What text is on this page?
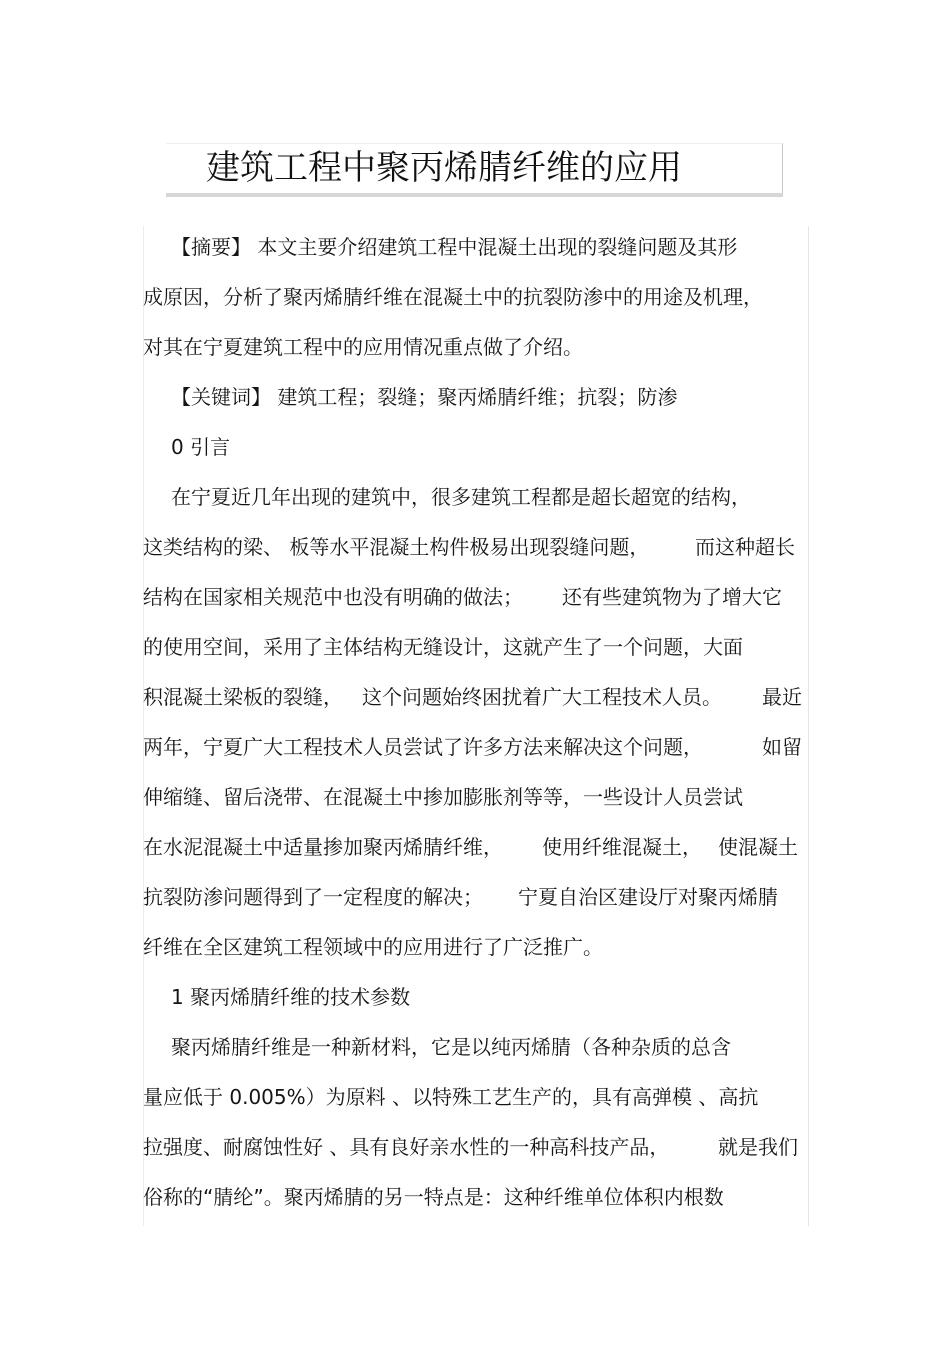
建筑工程中聚丙烯腈纤维的应用
【摘要】 本文主要介绍建筑工程中混凝土出现的裂缝问题及其形
成原因，分析了聚丙烯腈纤维在混凝土中的抗裂防渗中的用途及机理，
对其在宁夏建筑工程中的应用情况重点做了介绍。
【关键词】 建筑工程；裂缝；聚丙烯腈纤维；抗裂；防渗
0 引言
在宁夏近几年出现的建筑中，很多建筑工程都是超长超宽的结构，
这类结构的梁、 板等水平混凝土构件极易出现裂缝问题， 而这种超长
结构在国家相关规范中也没有明确的做法； 还有些建筑物为了增大它
的使用空间，采用了主体结构无缝设计，这就产生了一个问题，大面
积混凝土梁板的裂缝， 这个问题始终困扰着广大工程技术人员。 最近
两年，宁夏广大工程技术人员尝试了许多方法来解决这个问题，	如留
伸缩缝、留后浇带、在混凝土中掺加膨胀剂等等，一些设计人员尝试
在水泥混凝土中适量掺加聚丙烯腈纤维， 使用纤维混凝土， 使混凝土
抗裂防渗问题得到了一定程度的解决； 宁夏自治区建设厅对聚丙烯腈
纤维在全区建筑工程领域中的应用进行了广泛推广。
1 聚丙烯腈纤维的技术参数
聚丙烯腈纤维是一种新材料，它是以纯丙烯腈（各种杂质的总含
量应低于 0.005%）为原料 、以特殊工艺生产的，具有高弹模 、高抗
拉强度、耐腐蚀性好 、具有良好亲水性的一种高科技产品， 就是我们
俗称的“腈纶”。聚丙烯腈的另一特点是：这种纤维单位体积内根数
